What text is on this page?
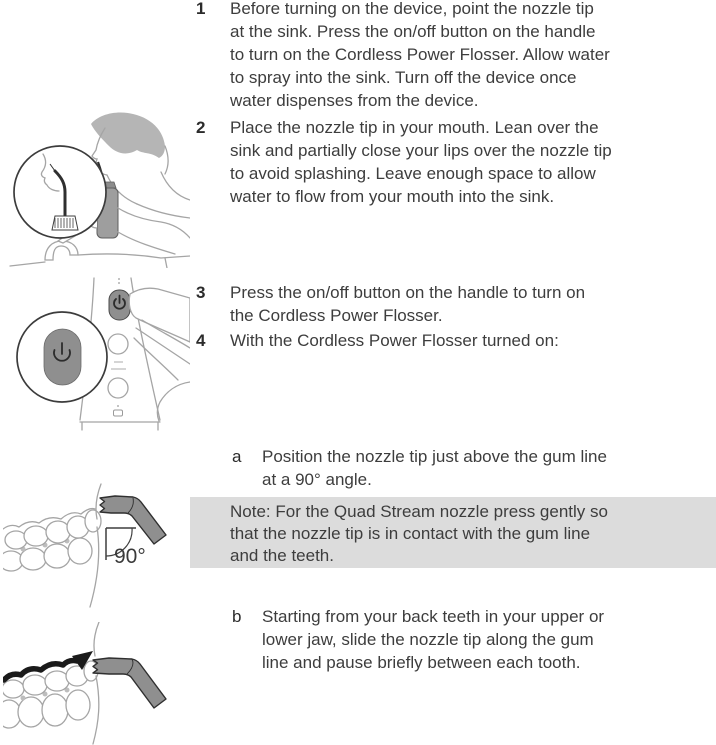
90°
1	Before turning on the device, point the nozzle tip
at the sink. Press the on/off button on the handle
to turn on the Cordless Power Flosser. Allow water
to spray into the sink. Turn off the device once
water dispenses from the device.
2	Place the nozzle tip in your mouth. Lean over the
sink and partially close your lips over the nozzle tip
to avoid splashing. Leave enough space to allow
water to flow from your mouth into the sink.
3	Press the on/off button on the handle to turn on
the Cordless Power Flosser.
4	With the Cordless Power Flosser turned on:
a	Position the nozzle tip just above the gum line
at a 90° angle.
Note: For the Quad Stream nozzle press gently so
that the nozzle tip is in contact with the gum line
and the teeth.
b	Starting from your back teeth in your upper or
lower jaw, slide the nozzle tip along the gum
line and pause briefly between each tooth.
